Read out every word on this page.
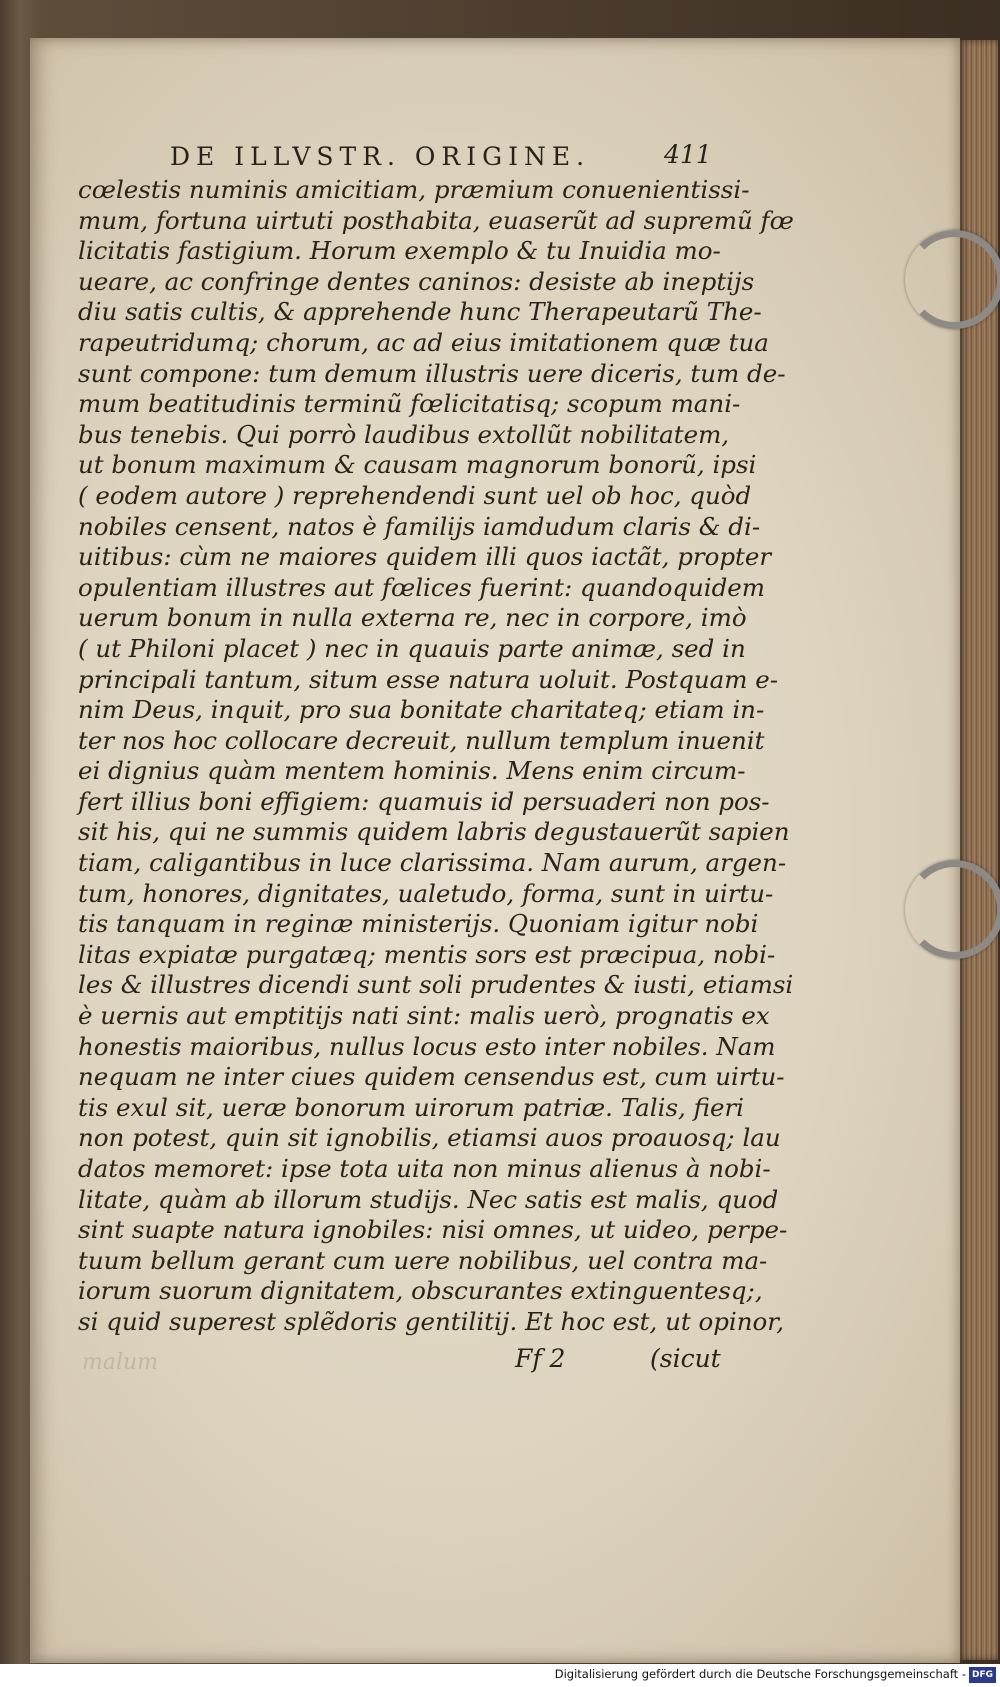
DE ILLVSTR. ORIGINE.	411
cœlestis numinis amicitiam, præmium conuenientissi-
mum, fortuna uirtuti posthabita, euaserũt ad supremũ fœ
licitatis fastigium. Horum exemplo & tu Inuidia mo-
ueare, ac confringe dentes caninos: desiste ab ineptijs
diu satis cultis, & apprehende hunc Therapeutarũ The-
rapeutridumq; chorum, ac ad eius imitationem quæ tua
sunt compone: tum demum illustris uere diceris, tum de-
mum beatitudinis terminũ fœlicitatisq; scopum mani-
bus tenebis. Qui porrò laudibus extollũt nobilitatem,
ut bonum maximum & causam magnorum bonorũ, ipsi
( eodem autore ) reprehendendi sunt uel ob hoc, quòd
nobiles censent, natos è familijs iamdudum claris & di-
uitibus: cùm ne maiores quidem illi quos iactãt, propter
opulentiam illustres aut fœlices fuerint: quandoquidem
uerum bonum in nulla externa re, nec in corpore, imò
( ut Philoni placet ) nec in quauis parte animæ, sed in
principali tantum, situm esse natura uoluit. Postquam e-
nim Deus, inquit, pro sua bonitate charitateq; etiam in-
ter nos hoc collocare decreuit, nullum templum inuenit
ei dignius quàm mentem hominis. Mens enim circum-
fert illius boni effigiem: quamuis id persuaderi non pos-
sit his, qui ne summis quidem labris degustauerũt sapien
tiam, caligantibus in luce clarissima. Nam aurum, argen-
tum, honores, dignitates, ualetudo, forma, sunt in uirtu-
tis tanquam in reginæ ministerijs. Quoniam igitur nobi
litas expiatæ purgatæq; mentis sors est præcipua, nobi-
les & illustres dicendi sunt soli prudentes & iusti, etiamsi
è uernis aut emptitijs nati sint: malis uerò, prognatis ex
honestis maioribus, nullus locus esto inter nobiles. Nam
nequam ne inter ciues quidem censendus est, cum uirtu-
tis exul sit, ueræ bonorum uirorum patriæ. Talis, fieri
non potest, quin sit ignobilis, etiamsi auos proauosq; lau
datos memoret: ipse tota uita non minus alienus à nobi-
litate, quàm ab illorum studijs. Nec satis est malis, quod
sint suapte natura ignobiles: nisi omnes, ut uideo, perpe-
tuum bellum gerant cum uere nobilibus, uel contra ma-
iorum suorum dignitatem, obscurantes extinguentesq;,
si quid superest splẽdoris gentilitij. Et hoc est, ut opinor,
malum	Ff 2	(sicut
Digitalisierung gefördert durch die Deutsche Forschungsgemeinschaft - DFG
